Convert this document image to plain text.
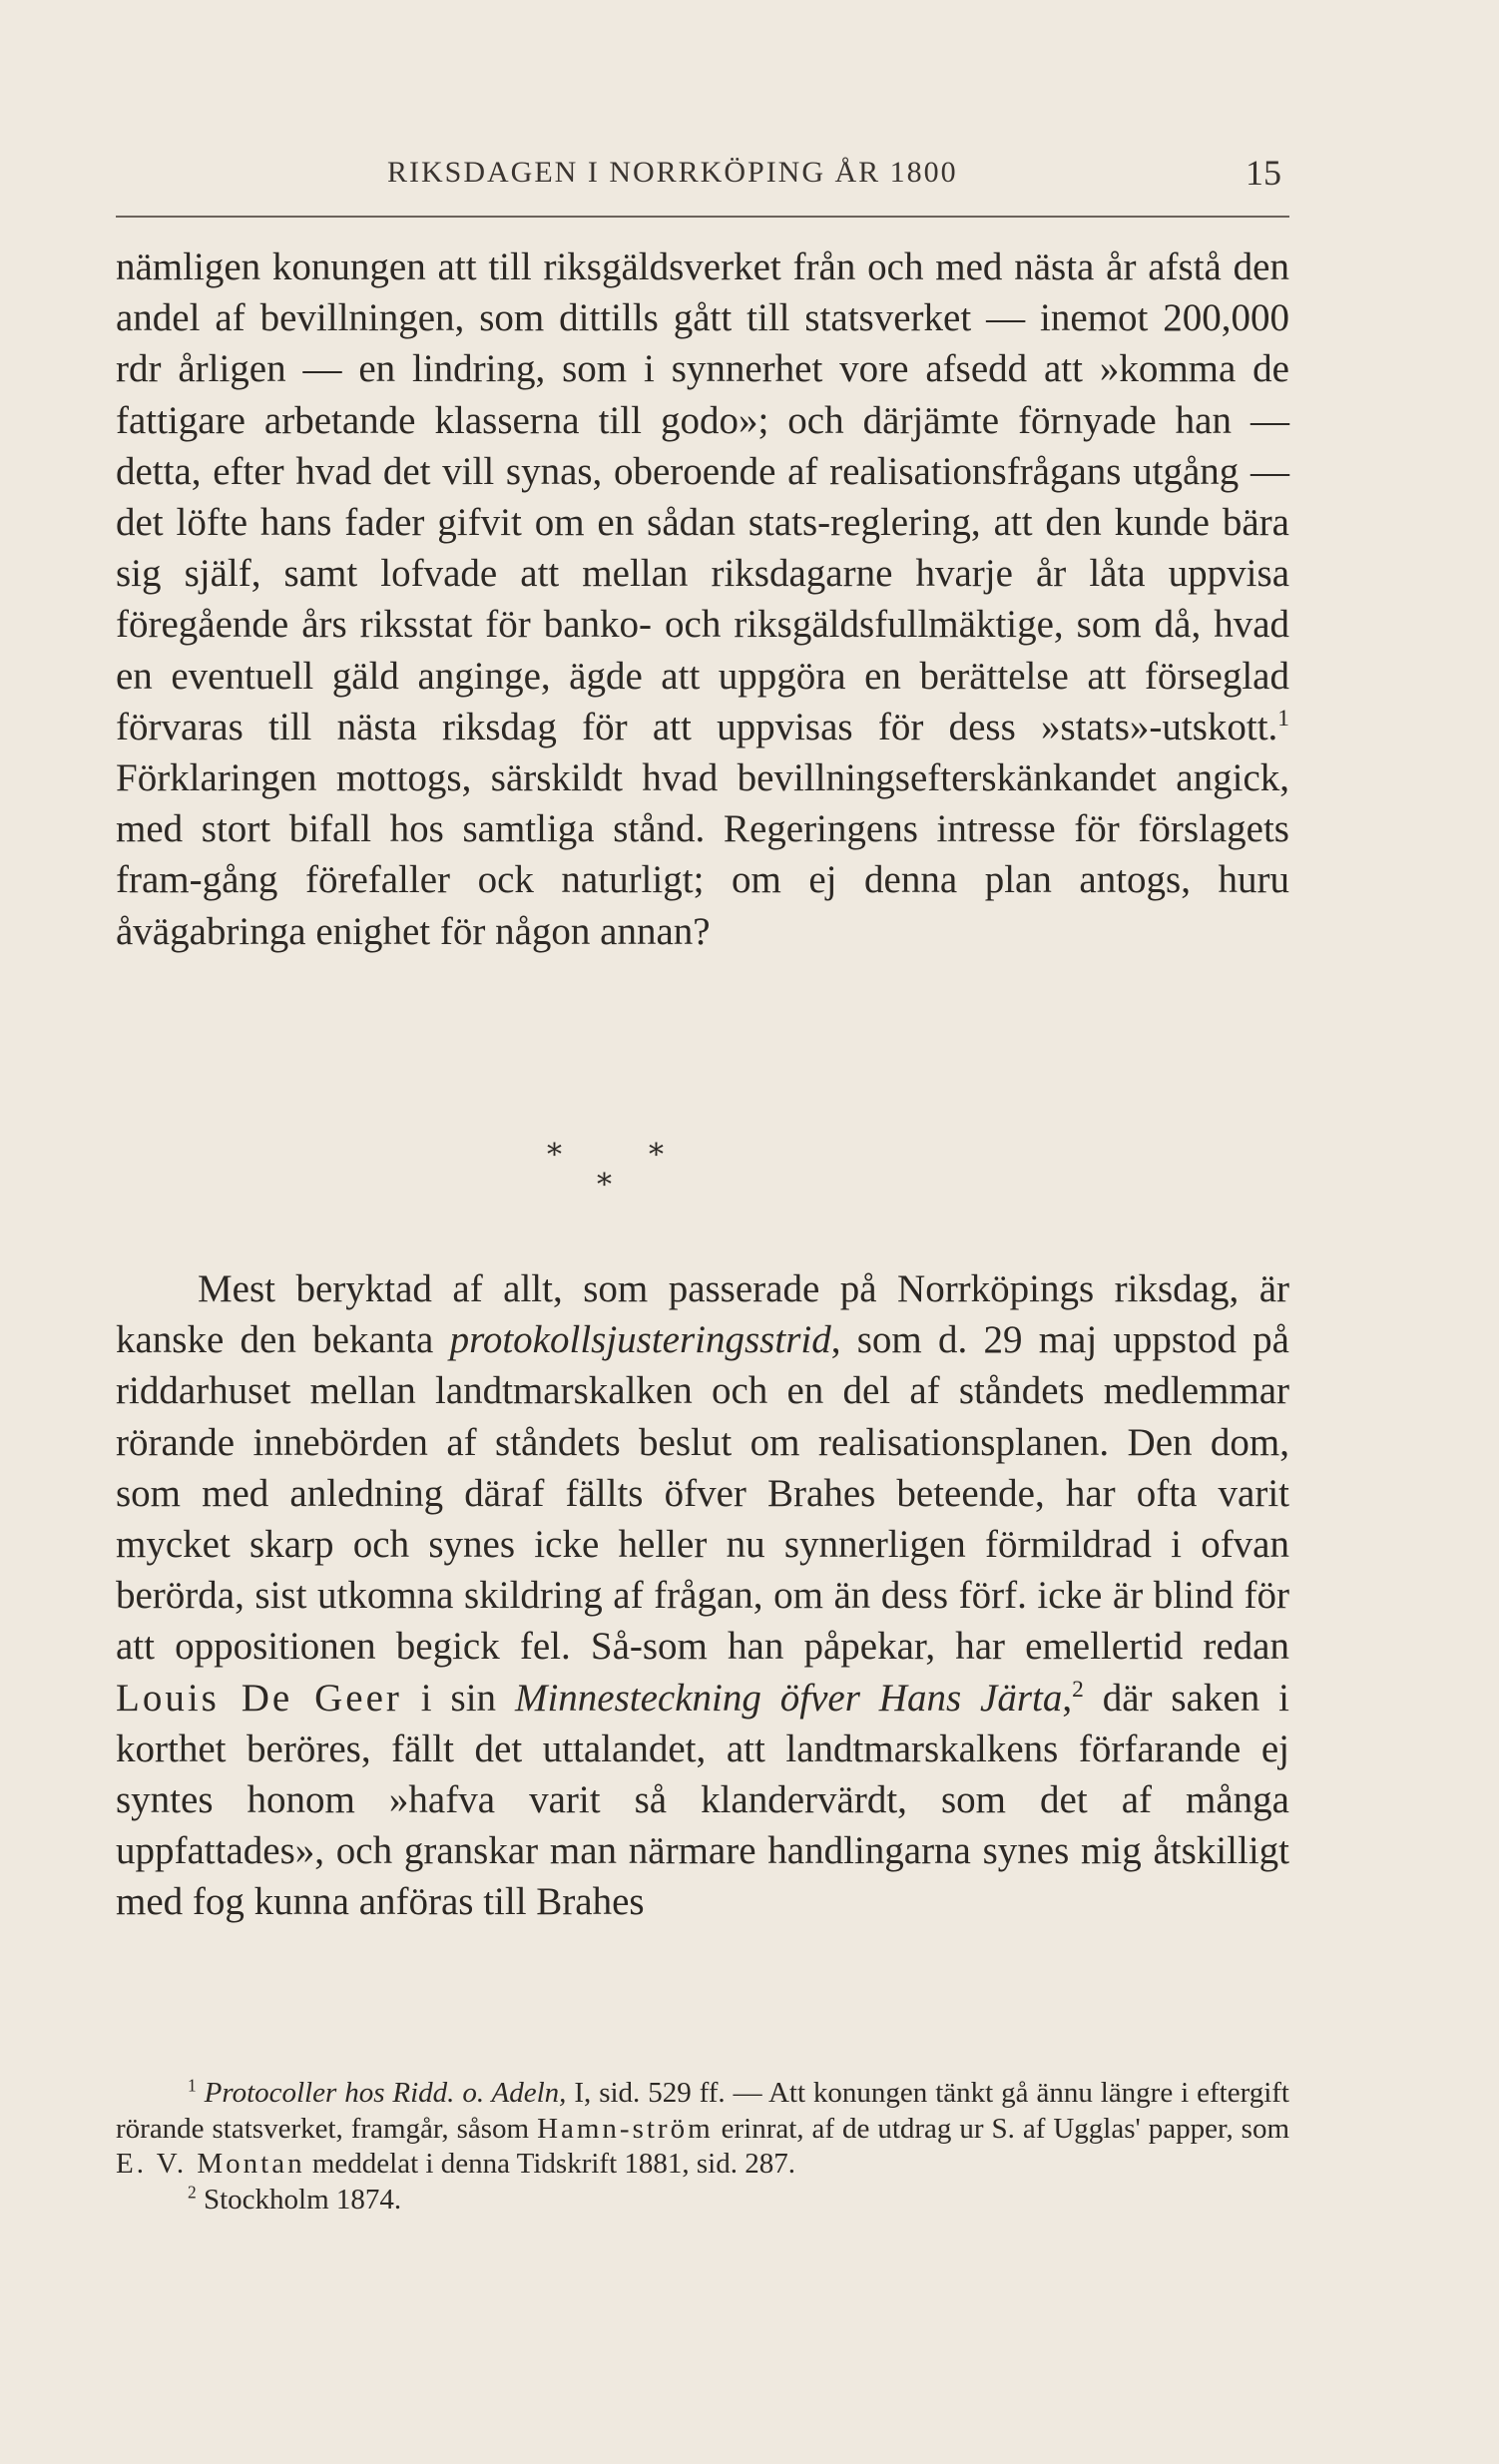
RIKSDAGEN I NORRKÖPING ÅR 1800	15

nämligen konungen att till riksgäldsverket från och med nästa år afstå den andel af bevillningen, som dittills gått till statsverket — inemot 200,000 rdr årligen — en lindring, som i synnerhet vore afsedd att »komma de fattigare arbetande klasserna till godo»; och därjämte förnyade han — detta, efter hvad det vill synas, oberoende af realisationsfrågans utgång — det löfte hans fader gifvit om en sådan stats-reglering, att den kunde bära sig själf, samt lofvade att mellan riksdagarne hvarje år låta uppvisa föregående års riksstat för banko- och riksgäldsfullmäktige, som då, hvad en eventuell gäld anginge, ägde att uppgöra en berättelse att förseglad förvaras till nästa riksdag för att uppvisas för dess »stats»-utskott.$^1$ Förklaringen mottogs, särskildt hvad bevillningsefterskänkandet angick, med stort bifall hos samtliga stånd. Regeringens intresse för förslagets fram-gång förefaller ock naturligt; om ej denna plan antogs, huru åvägabringa enighet för någon annan?

*	*
*

Mest beryktad af allt, som passerade på Norrköpings riksdag, är kanske den bekanta protokollsjusteringsstrid, som d. 29 maj uppstod på riddarhuset mellan landtmarskalken och en del af ståndets medlemmar rörande innebörden af ståndets beslut om realisationsplanen. Den dom, som med anledning däraf fällts öfver Brahes beteende, har ofta varit mycket skarp och synes icke heller nu synnerligen förmildrad i ofvan berörda, sist utkomna skildring af frågan, om än dess förf. icke är blind för att oppositionen begick fel. Så-som han påpekar, har emellertid redan Louis De Geer i sin Minnesteckning öfver Hans Järta,$^2$ där saken i korthet beröres, fällt det uttalandet, att landtmarskalkens förfarande ej syntes honom »hafva varit så klandervärdt, som det af många uppfattades», och granskar man närmare handlingarna synes mig åtskilligt med fog kunna anföras till Brahes

$^1$ Protocoller hos Ridd. o. Adeln, I, sid. 529 ff. — Att konungen tänkt gå ännu längre i eftergift rörande statsverket, framgår, såsom Hamn-ström erinrat, af de utdrag ur S. af Ugglas' papper, som E. V. Montan meddelat i denna Tidskrift 1881, sid. 287.

$^2$ Stockholm 1874.
